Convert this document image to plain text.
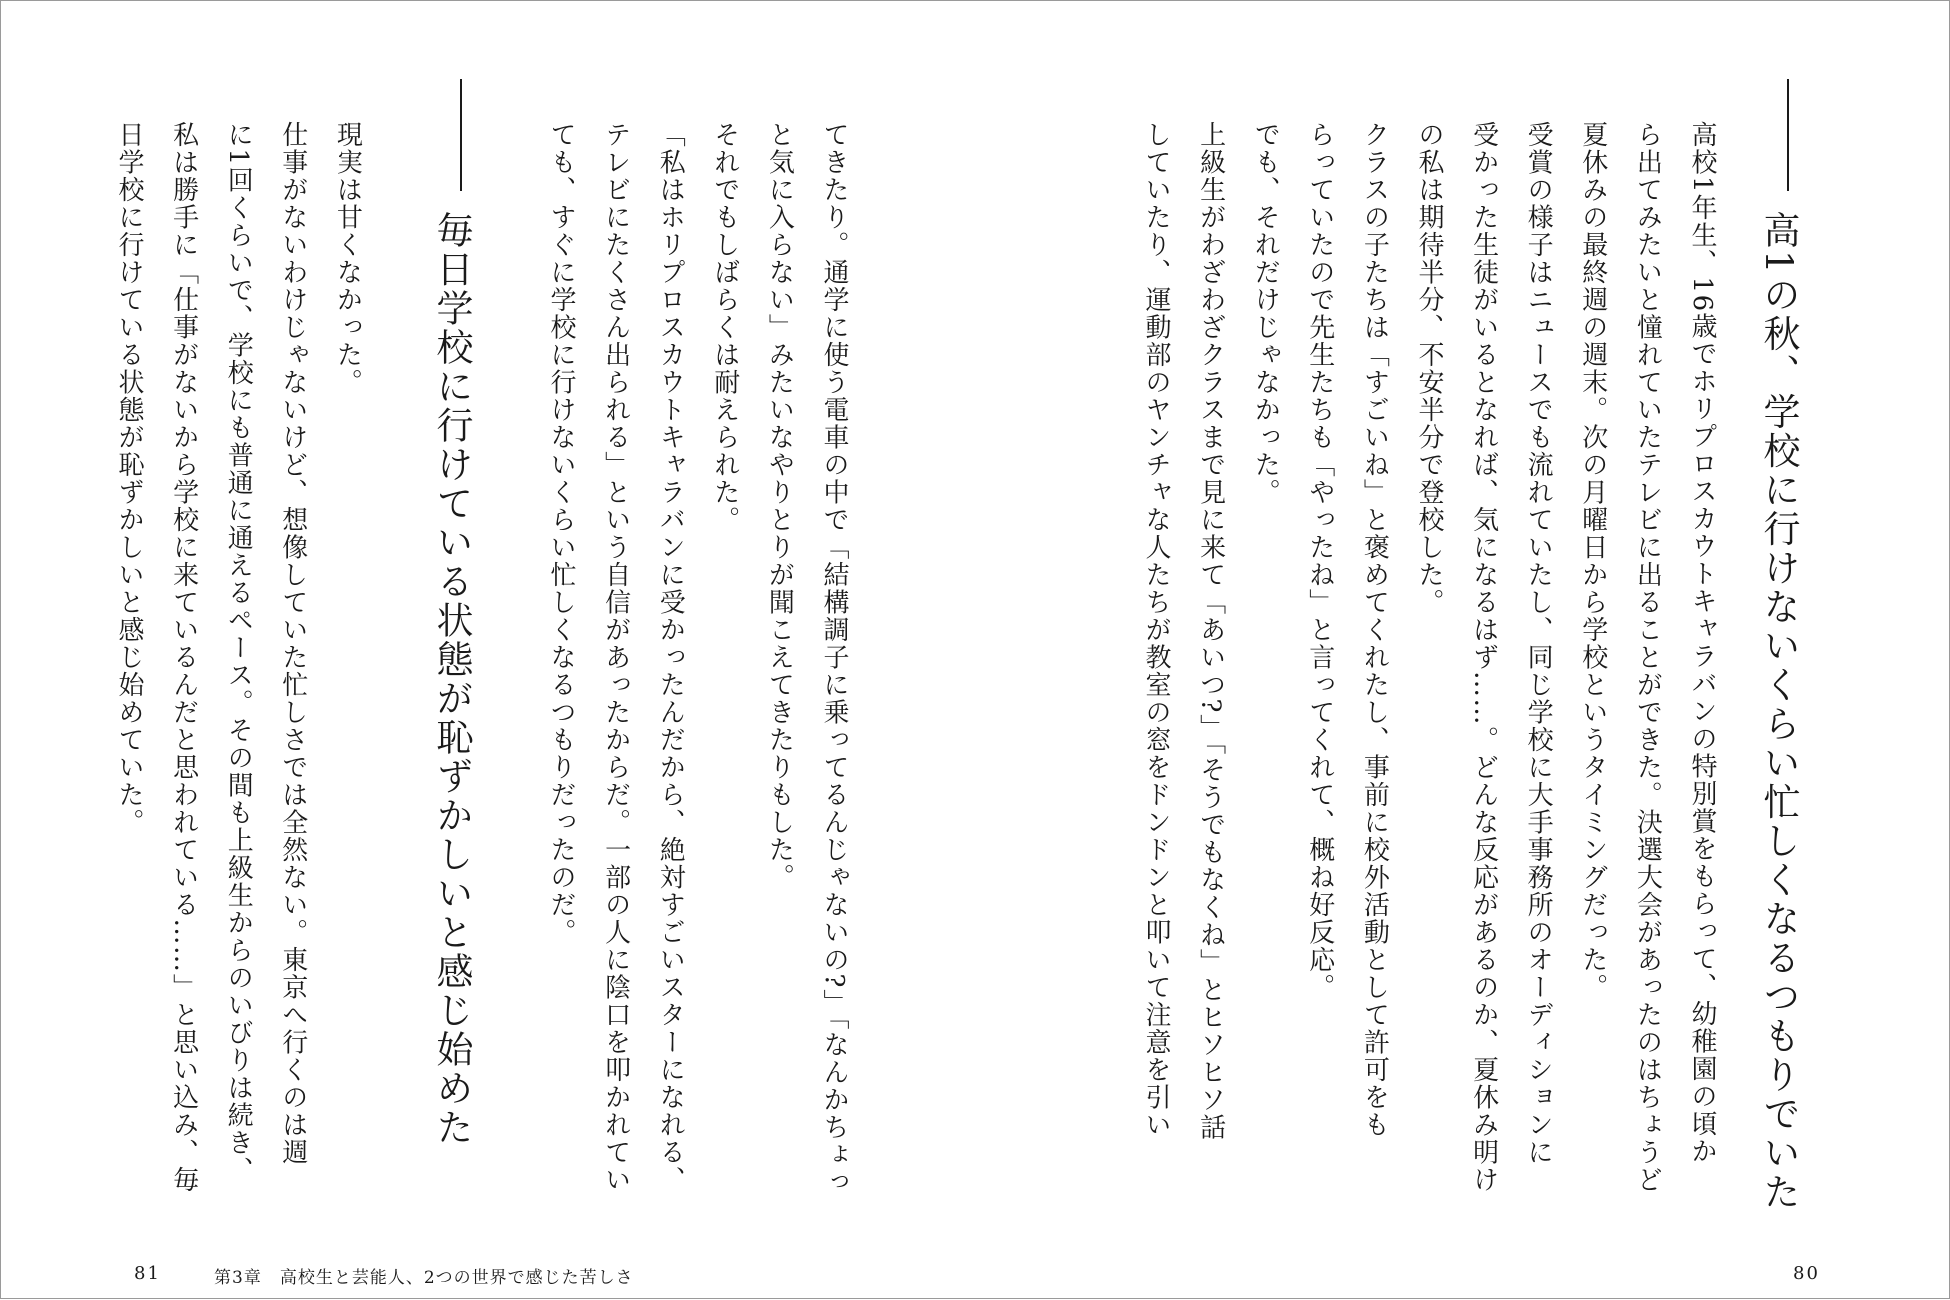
高1の秋、学校に行けないくらい忙しくなるつもりでいた
高校1年生、16歳でホリプロスカウトキャラバンの特別賞をもらって、幼稚園の頃か
ら出てみたいと憧れていたテレビに出ることができた。決選大会があったのはちょうど
夏休みの最終週の週末。次の月曜日から学校というタイミングだった。
受賞の様子はニュースでも流れていたし、同じ学校に大手事務所のオーディションに
受かった生徒がいるとなれば、気になるはず……。どんな反応があるのか、夏休み明け
の私は期待半分、不安半分で登校した。
クラスの子たちは「すごいね」と褒めてくれたし、事前に校外活動として許可をも
らっていたので先生たちも「やったね」と言ってくれて、概ね好反応。
でも、それだけじゃなかった。
上級生がわざわざクラスまで見に来て「あいつ?」「そうでもなくね」とヒソヒソ話
していたり、運動部のヤンチャな人たちが教室の窓をドンドンと叩いて注意を引い
80
てきたり。通学に使う電車の中で「結構調子に乗ってるんじゃないの?」「なんかちょっ
と気に入らない」みたいなやりとりが聞こえてきたりもした。
それでもしばらくは耐えられた。
「私はホリプロスカウトキャラバンに受かったんだから、絶対すごいスターになれる、
テレビにたくさん出られる」という自信があったからだ。一部の人に陰口を叩かれてい
ても、すぐに学校に行けないくらい忙しくなるつもりだったのだ。
毎日学校に行けている状態が恥ずかしいと感じ始めた
現実は甘くなかった。
仕事がないわけじゃないけど、想像していた忙しさでは全然ない。東京へ行くのは週
に1回くらいで、学校にも普通に通えるペース。その間も上級生からのいびりは続き、
私は勝手に「仕事がないから学校に来ているんだと思われている……」と思い込み、毎
日学校に行けている状態が恥ずかしいと感じ始めていた。
81	第3章　高校生と芸能人、2つの世界で感じた苦しさ
